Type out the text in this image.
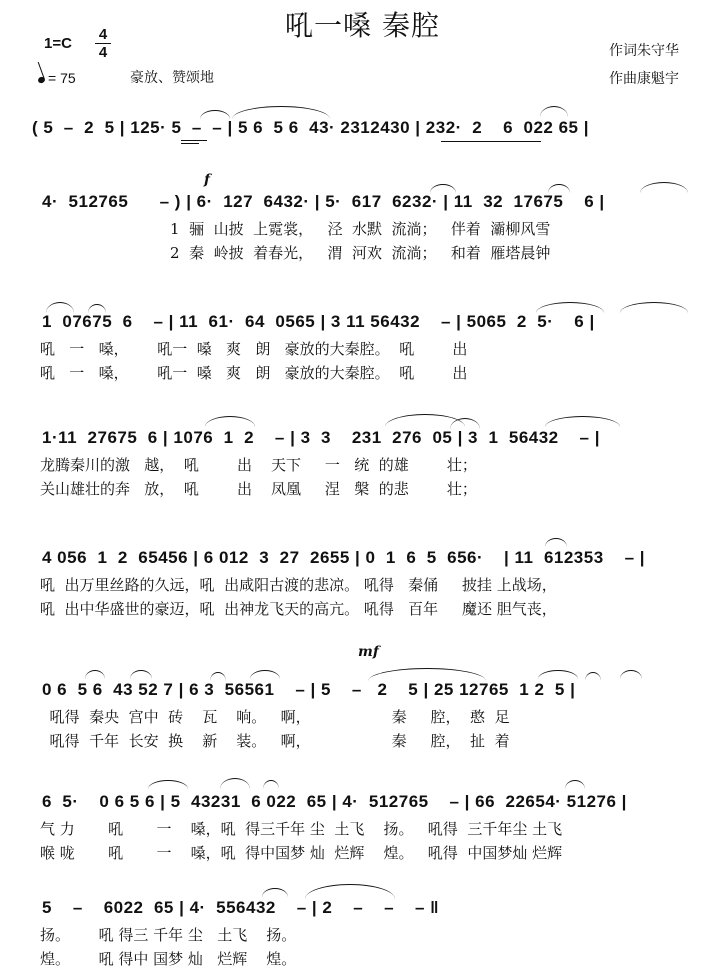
吼一嗓 秦腔
1=C
4
4
= 75	豪放、赞颂地
作词朱守华
作曲康魁宇
( 5  –  2  5 | 125· 5  –  – | 5 6  5 6  43· 2312430 | 232·  2    6  022 65 |
f
4·  512765      – ) | 6·  127  6432· | 5·  617  6232· | 11  32  17675    6 |
1  骊  山披  上霓裳，   泾  水默  流淌；   伴着  灞柳风雪
2  秦  岭披  着春光，   渭  河欢  流淌；   和着  雁塔晨钟
1  07675  6    – | 11  61·  64  0565 | 3 11 56432    – | 5065  2  5·    6 |
吼   一   嗓，      吼一  嗓   爽   朗   豪放的大秦腔。  吼        出
吼   一   嗓，      吼一  嗓   爽   朗   豪放的大秦腔。  吼        出
1·11  27675  6 | 1076  1  2    – | 3  3    231  276  05 | 3  1  56432    – |
龙腾秦川的激   越，  吼        出    天下     一   统  的雄        壮；
关山雄壮的奔   放，  吼        出    凤凰     涅   槃  的悲        壮；
4 056  1  2  65456 | 6 012  3  27  2655 | 0  1  6  5  656·    | 11  612353    – |
吼  出万里丝路的久远，吼  出咸阳古渡的悲凉。 吼得   秦俑     披挂 上战场，
吼  出中华盛世的豪迈，吼  出神龙飞天的高亢。 吼得   百年     魔还 胆气丧，
mf
0 6  5 6  43 52 7 | 6 3  56561    – | 5    –   2    5 | 25 12765  1 2  5 |
吼得  秦央  宫中  砖    瓦    响。   啊，                 秦     腔，  憨  足
吼得  千年  长安  换    新    装。   啊，                 秦     腔，  扯  着
6  5·    0 6 5 6 | 5  43231  6 022  65 | 4·  512765    – | 66  22654· 51276 |
气 力       吼       一    嗓，吼  得三千年 尘  土飞    扬。   吼得  三千年尘 土飞
喉 咙       吼       一    嗓，吼  得中国梦 灿  烂辉    煌。   吼得  中国梦灿 烂辉
5    –    6022  65 | 4·  556432    – | 2    –    –    – ‖
扬。      吼 得三 千年 尘   土飞    扬。
煌。      吼 得中 国梦 灿   烂辉    煌。
